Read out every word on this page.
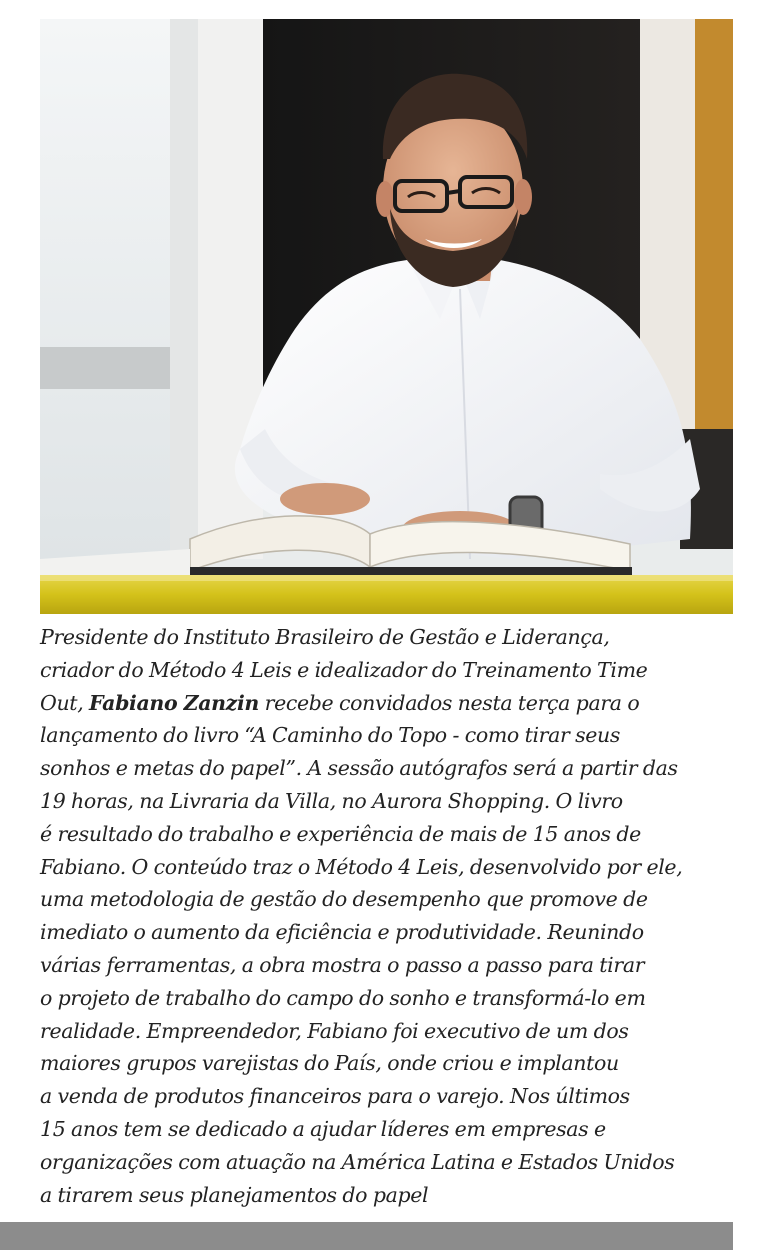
Presidente do Instituto Brasileiro de Gestão e Liderança,
criador do Método 4 Leis e idealizador do Treinamento Time
Out, Fabiano Zanzin recebe convidados nesta terça para o
lançamento do livro “A Caminho do Topo - como tirar seus
sonhos e metas do papel”. A sessão autógrafos será a partir das
19 horas, na Livraria da Villa, no Aurora Shopping. O livro
é resultado do trabalho e experiência de mais de 15 anos de
Fabiano. O conteúdo traz o Método 4 Leis, desenvolvido por ele,
uma metodologia de gestão do desempenho que promove de
imediato o aumento da eficiência e produtividade. Reunindo
várias ferramentas, a obra mostra o passo a passo para tirar
o projeto de trabalho do campo do sonho e transformá-lo em
realidade. Empreendedor, Fabiano foi executivo de um dos
maiores grupos varejistas do País, onde criou e implantou
a venda de produtos financeiros para o varejo. Nos últimos
15 anos tem se dedicado a ajudar líderes em empresas e
organizações com atuação na América Latina e Estados Unidos
a tirarem seus planejamentos do papel
